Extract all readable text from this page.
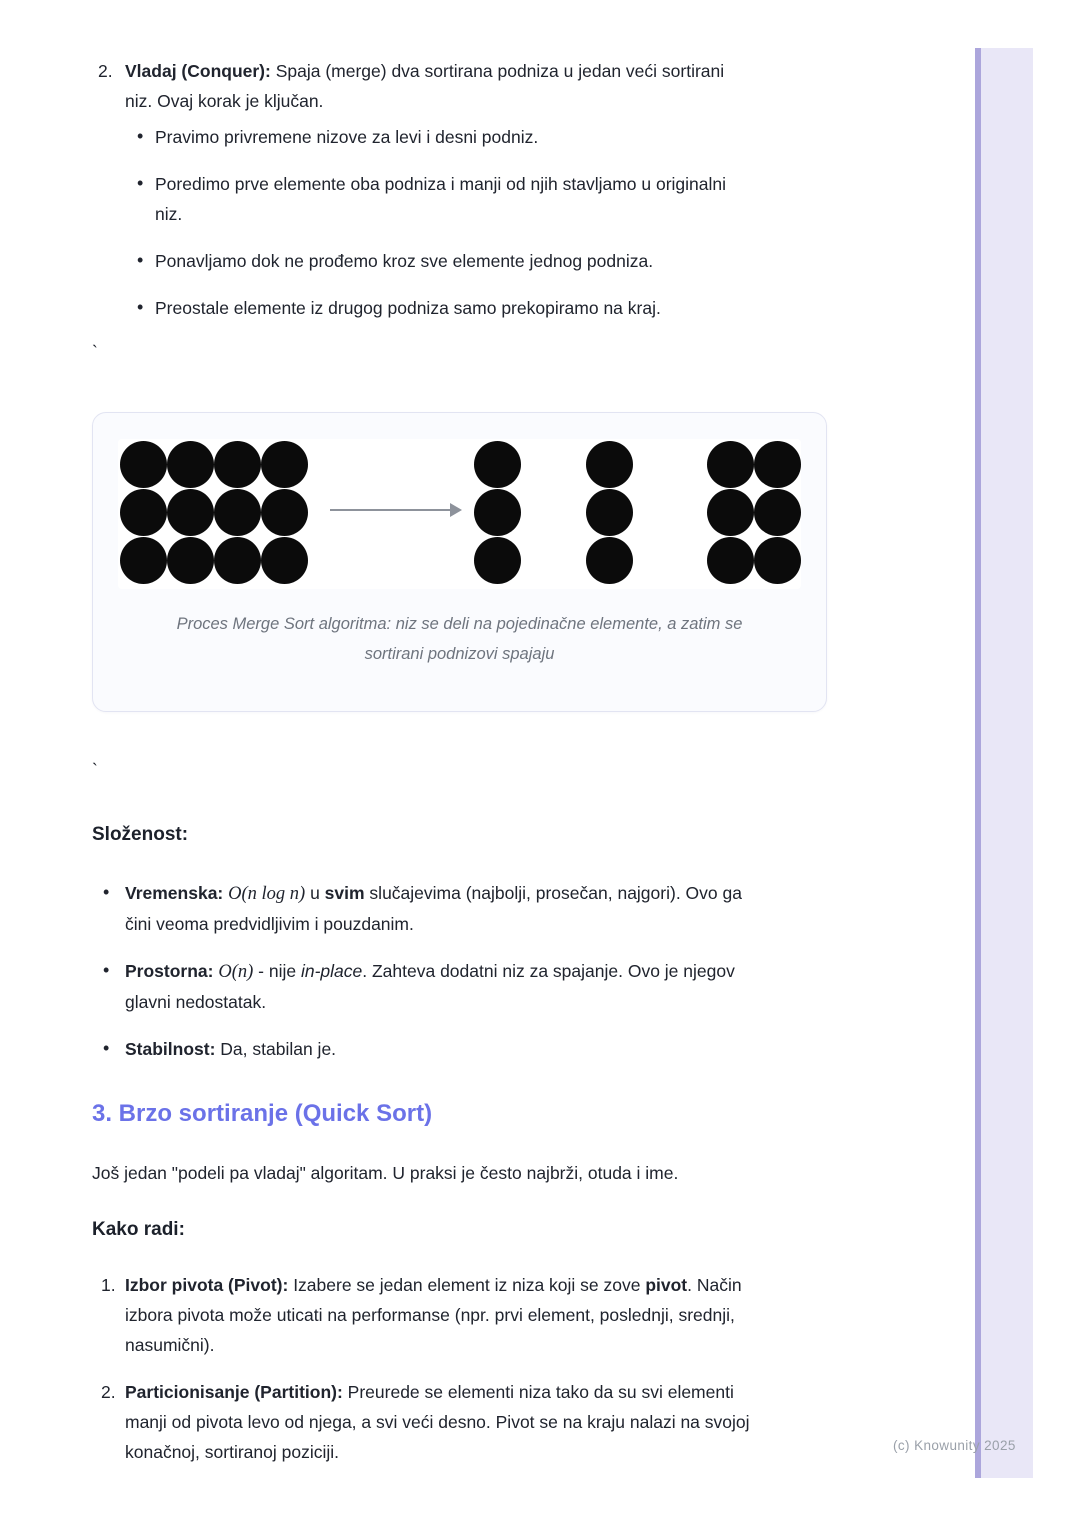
(c) Knowunity 2025
2. Vladaj (Conquer): Spaja (merge) dva sortirana podniza u jedan veći sortirani niz. Ovaj korak je ključan.
• Pravimo privremene nizove za levi i desni podniz.
• Poredimo prve elemente oba podniza i manji od njih stavljamo u originalni niz.
• Ponavljamo dok ne prođemo kroz sve elemente jednog podniza.
• Preostale elemente iz drugog podniza samo prekopiramo na kraj.
`
Proces Merge Sort algoritma: niz se deli na pojedinačne elemente, a zatim se
sortirani podnizovi spajaju
`
Složenost:
• Vremenska: O(n log n) u svim slučajevima (najbolji, prosečan, najgori). Ovo ga čini veoma predvidljivim i pouzdanim.
• Prostorna: O(n) - nije in-place. Zahteva dodatni niz za spajanje. Ovo je njegov glavni nedostatak.
• Stabilnost: Da, stabilan je.
3. Brzo sortiranje (Quick Sort)

Još jedan "podeli pa vladaj" algoritam. U praksi je često najbrži, otuda i ime.

Kako radi:
1. Izbor pivota (Pivot): Izabere se jedan element iz niza koji se zove pivot. Način izbora pivota može uticati na performanse (npr. prvi element, poslednji, srednji, nasumični).
2. Particionisanje (Partition): Preurede se elementi niza tako da su svi elementi manji od pivota levo od njega, a svi veći desno. Pivot se na kraju nalazi na svojoj konačnoj, sortiranoj poziciji.
